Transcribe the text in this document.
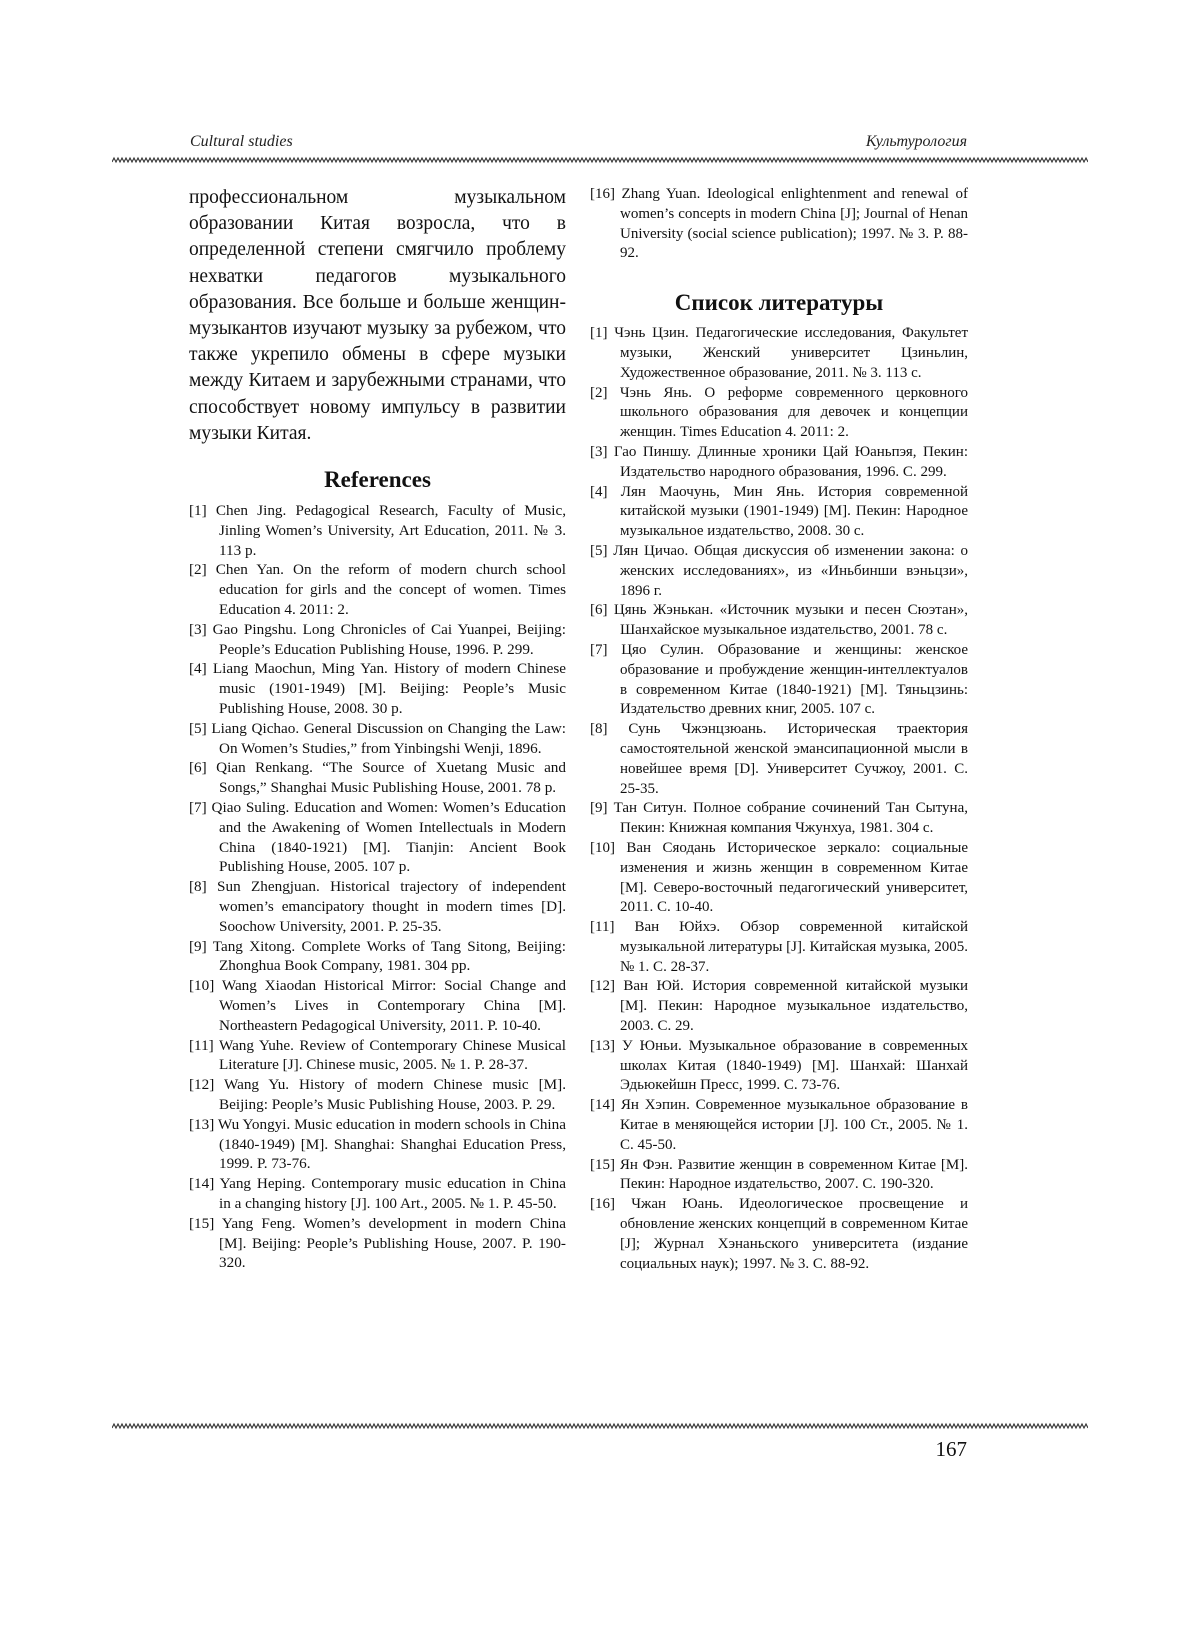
Cultural studies	Культурология

профессиональном музыкальном образовании Китая возросла, что в определенной степени смягчило проблему нехватки педагогов музыкального образования. Все больше и больше женщин-музыкантов изучают музыку за рубежом, что также укрепило обмены в сфере музыки между Китаем и зарубежными странами, что способствует новому импульсу в развитии музыки Китая.

References
[1] Chen Jing. Pedagogical Research, Faculty of Music, Jinling Women’s University, Art Education, 2011. № 3. 113 p.
[2] Chen Yan. On the reform of modern church school education for girls and the concept of women. Times Education 4. 2011: 2.
[3] Gao Pingshu. Long Chronicles of Cai Yuanpei, Beijing: People’s Education Publishing House, 1996. P. 299.
[4] Liang Maochun, Ming Yan. History of modern Chinese music (1901-1949) [M]. Beijing: People’s Music Publishing House, 2008. 30 p.
[5] Liang Qichao. General Discussion on Changing the Law: On Women’s Studies,” from Yinbingshi Wenji, 1896.
[6] Qian Renkang. “The Source of Xuetang Music and Songs,” Shanghai Music Publishing House, 2001. 78 p.
[7] Qiao Suling. Education and Women: Women’s Education and the Awakening of Women Intellectuals in Modern China (1840-1921) [M]. Tianjin: Ancient Book Publishing House, 2005. 107 p.
[8] Sun Zhengjuan. Historical trajectory of independent women’s emancipatory thought in modern times [D]. Soochow University, 2001. P. 25-35.
[9] Tang Xitong. Complete Works of Tang Sitong, Beijing: Zhonghua Book Company, 1981. 304 pp.
[10] Wang Xiaodan Historical Mirror: Social Change and Women’s Lives in Contemporary China [M]. Northeastern Pedagogical University, 2011. P. 10-40.
[11] Wang Yuhe. Review of Contemporary Chinese Musical Literature [J]. Chinese music, 2005. № 1. P. 28-37.
[12] Wang Yu. History of modern Chinese music [M]. Beijing: People’s Music Publishing House, 2003. P. 29.
[13] Wu Yongyi. Music education in modern schools in China (1840-1949) [M]. Shanghai: Shanghai Education Press, 1999. P. 73-76.
[14] Yang Heping. Contemporary music education in China in a changing history [J]. 100 Art., 2005. № 1. P. 45-50.
[15] Yang Feng. Women’s development in modern China [M]. Beijing: People’s Publishing House, 2007. P. 190-320.
[16] Zhang Yuan. Ideological enlightenment and renewal of women’s concepts in modern China [J]; Journal of Henan University (social science publication); 1997. № 3. P. 88-92.
Список литературы
[1] Чэнь Цзин. Педагогические исследования, Факультет музыки, Женский университет Цзиньлин, Художественное образование, 2011. № 3. 113 с.
[2] Чэнь Янь. О реформе современного церковного школьного образования для девочек и концепции женщин. Times Education 4. 2011: 2.
[3] Гао Пиншу. Длинные хроники Цай Юаньпэя, Пекин: Издательство народного образования, 1996. С. 299.
[4] Лян Маочунь, Мин Янь. История современной китайской музыки (1901-1949) [M]. Пекин: Народное музыкальное издательство, 2008. 30 с.
[5] Лян Цичао. Общая дискуссия об изменении закона: о женских исследованиях», из «Иньбинши вэньцзи», 1896 г.
[6] Цянь Жэнькан. «Источник музыки и песен Сюэтан», Шанхайское музыкальное издательство, 2001. 78 с.
[7] Цяо Сулин. Образование и женщины: женское образование и пробуждение женщин-интеллектуалов в современном Китае (1840-1921) [M]. Тяньцзинь: Издательство древних книг, 2005. 107 с.
[8] Сунь Чжэнцзюань. Историческая траектория самостоятельной женской эмансипационной мысли в новейшее время [D]. Университет Сучжоу, 2001. С. 25-35.
[9] Тан Ситун. Полное собрание сочинений Тан Сытуна, Пекин: Книжная компания Чжунхуа, 1981. 304 с.
[10] Ван Сяодань Историческое зеркало: социальные изменения и жизнь женщин в современном Китае [M]. Северо-восточный педагогический университет, 2011. С. 10-40.
[11] Ван Юйхэ. Обзор современной китайской музыкальной литературы [J]. Китайская музыка, 2005. № 1. С. 28-37.
[12] Ван Юй. История современной китайской музыки [M]. Пекин: Народное музыкальное издательство, 2003. С. 29.
[13] У Юньи. Музыкальное образование в современных школах Китая (1840-1949) [M]. Шанхай: Шанхай Эдьюкейшн Пресс, 1999. С. 73-76.
[14] Ян Хэпин. Современное музыкальное образование в Китае в меняющейся истории [J]. 100 Ст., 2005. № 1. С. 45-50.
[15] Ян Фэн. Развитие женщин в современном Китае [M]. Пекин: Народное издательство, 2007. С. 190-320.
[16] Чжан Юань. Идеологическое просвещение и обновление женских концепций в современном Китае [J]; Журнал Хэнаньского университета (издание социальных наук); 1997. № 3. С. 88-92.
167
